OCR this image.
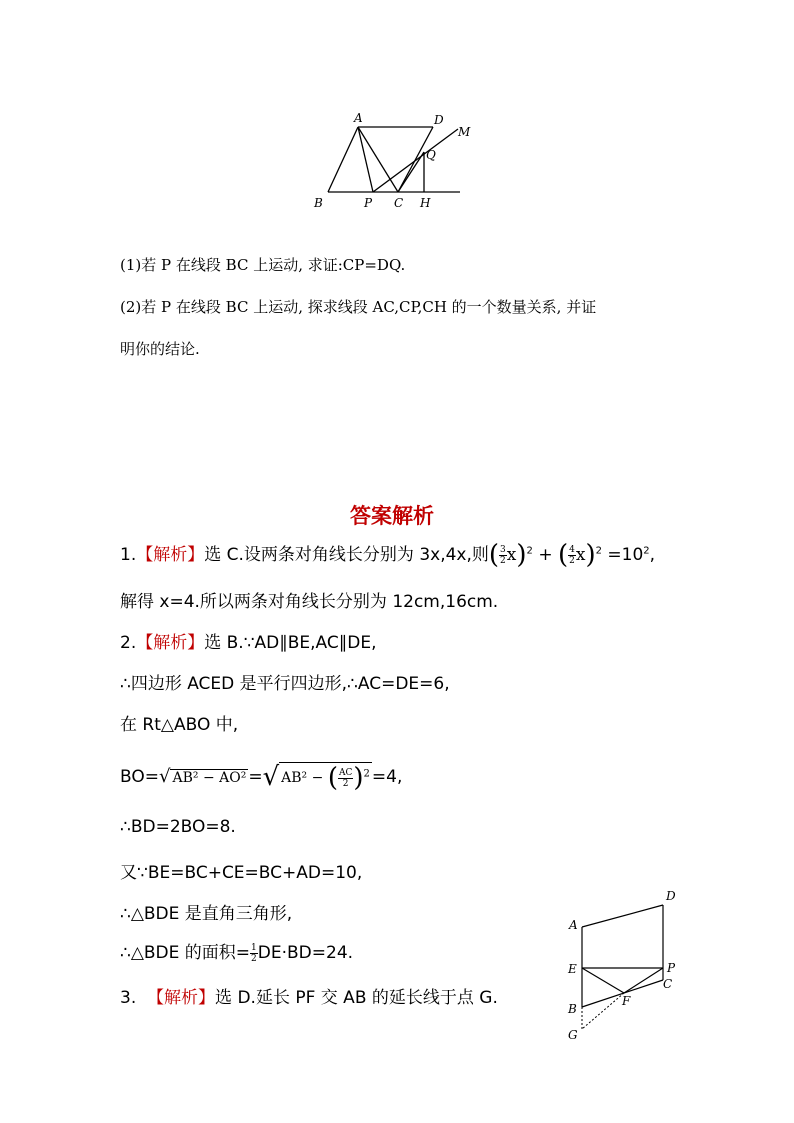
A	D
M
Q
B	P C H
(1)若 P 在线段 BC 上运动, 求证:CP=DQ.
(2)若 P 在线段 BC 上运动, 探求线段 AC,CP,CH 的一个数量关系, 并证
明你的结论.
答案解析
1.【解析】选 C.设两条对角线长分别为 3x,4x,则( $\frac{3}{2} x)^2$ + ( $\frac{4}{2} x)^2 =10^2$,
解得 x=4.所以两条对角线长分别为 12cm,16cm.
2.【解析】选 B.∵AD∥BE,AC∥DE,
∴四边形 ACED 是平行四边形,∴AC=DE=6,
在 Rt△ABO 中,
BO=√ AB² − AO² =√ AB² − ( $\frac{AC}{2} )^2 =4$,
∴BD=2BO=8.
又∵BE=BC+CE=BC+AD=10,
∴△BDE 是直角三角形,
∴△BDE 的面积= $\frac{1}{2} DE\cdot BD=24$.
3. 【解析】选 D.延长 PF 交 AB 的延长线于点 G.
D
A
E	P
F
C
B
G
